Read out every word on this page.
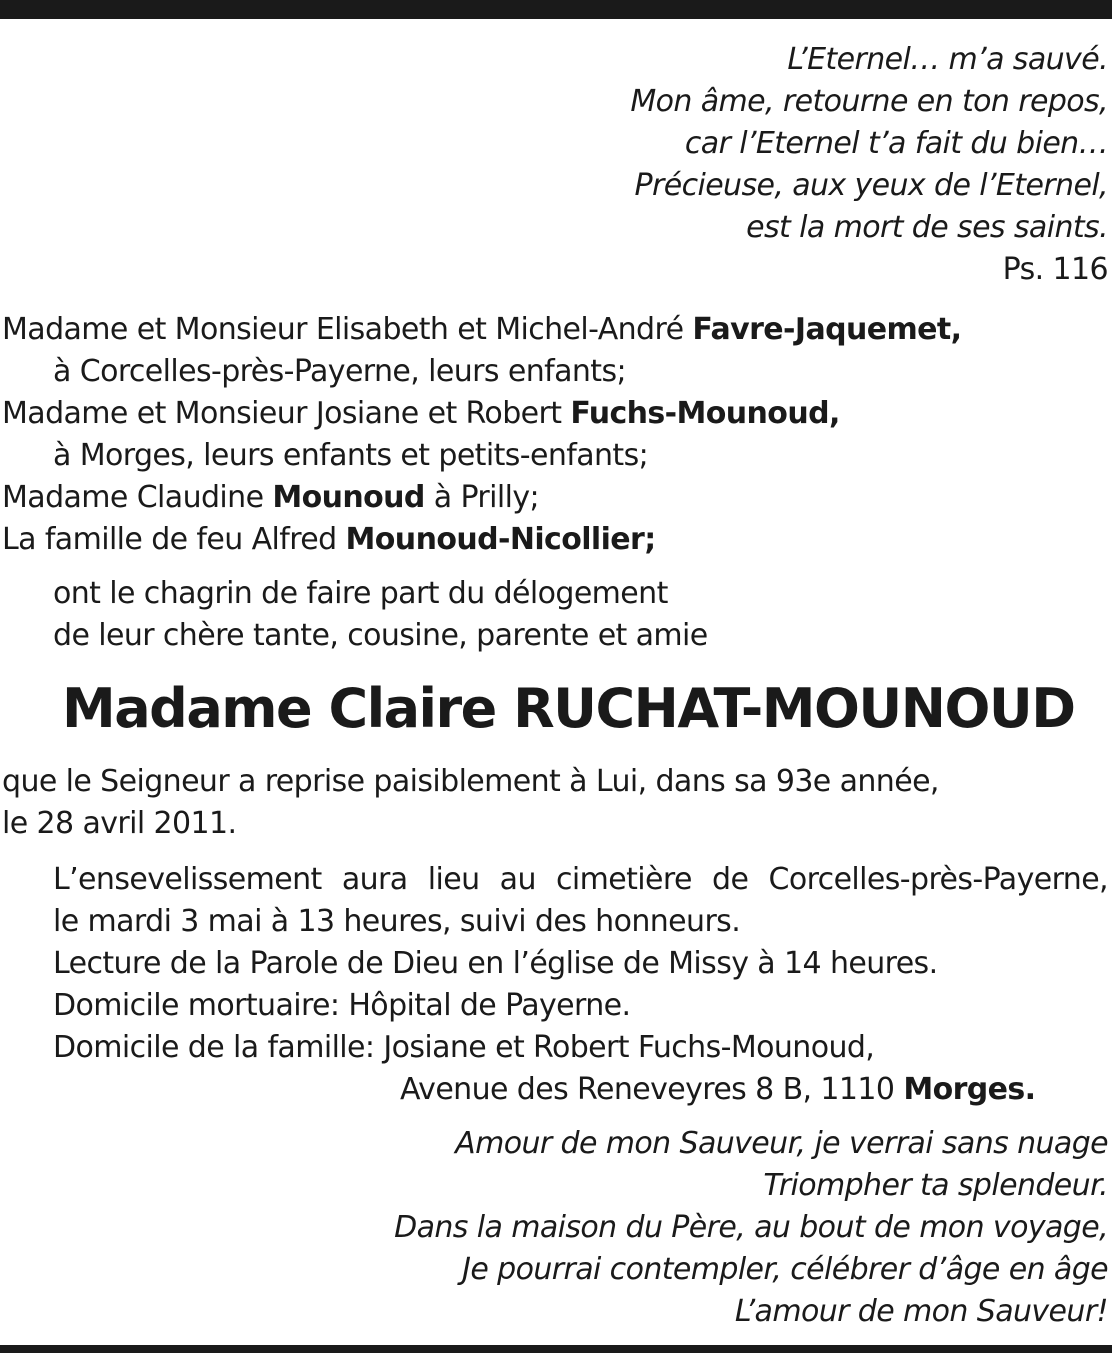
L’Eternel… m’a sauvé.
Mon âme, retourne en ton repos,
car l’Eternel t’a fait du bien…
Précieuse, aux yeux de l’Eternel,
est la mort de ses saints.
Ps. 116
Madame et Monsieur Elisabeth et Michel-André Favre-Jaquemet,
à Corcelles-près-Payerne, leurs enfants;
Madame et Monsieur Josiane et Robert Fuchs-Mounoud,
à Morges, leurs enfants et petits-enfants;
Madame Claudine Mounoud à Prilly;
La famille de feu Alfred Mounoud-Nicollier;
ont le chagrin de faire part du délogement
de leur chère tante, cousine, parente et amie
Madame Claire RUCHAT-MOUNOUD
que le Seigneur a reprise paisiblement à Lui, dans sa 93e année,
le 28 avril 2011.
L’ensevelissement aura lieu au cimetière de Corcelles-près-Payerne,
le mardi 3 mai à 13 heures, suivi des honneurs.
Lecture de la Parole de Dieu en l’église de Missy à 14 heures.
Domicile mortuaire: Hôpital de Payerne.
Domicile de la famille: Josiane et Robert Fuchs-Mounoud,
Avenue des Reneveyres 8 B, 1110 Morges.
Amour de mon Sauveur, je verrai sans nuage
Triompher ta splendeur.
Dans la maison du Père, au bout de mon voyage,
Je pourrai contempler, célébrer d’âge en âge
L’amour de mon Sauveur!
